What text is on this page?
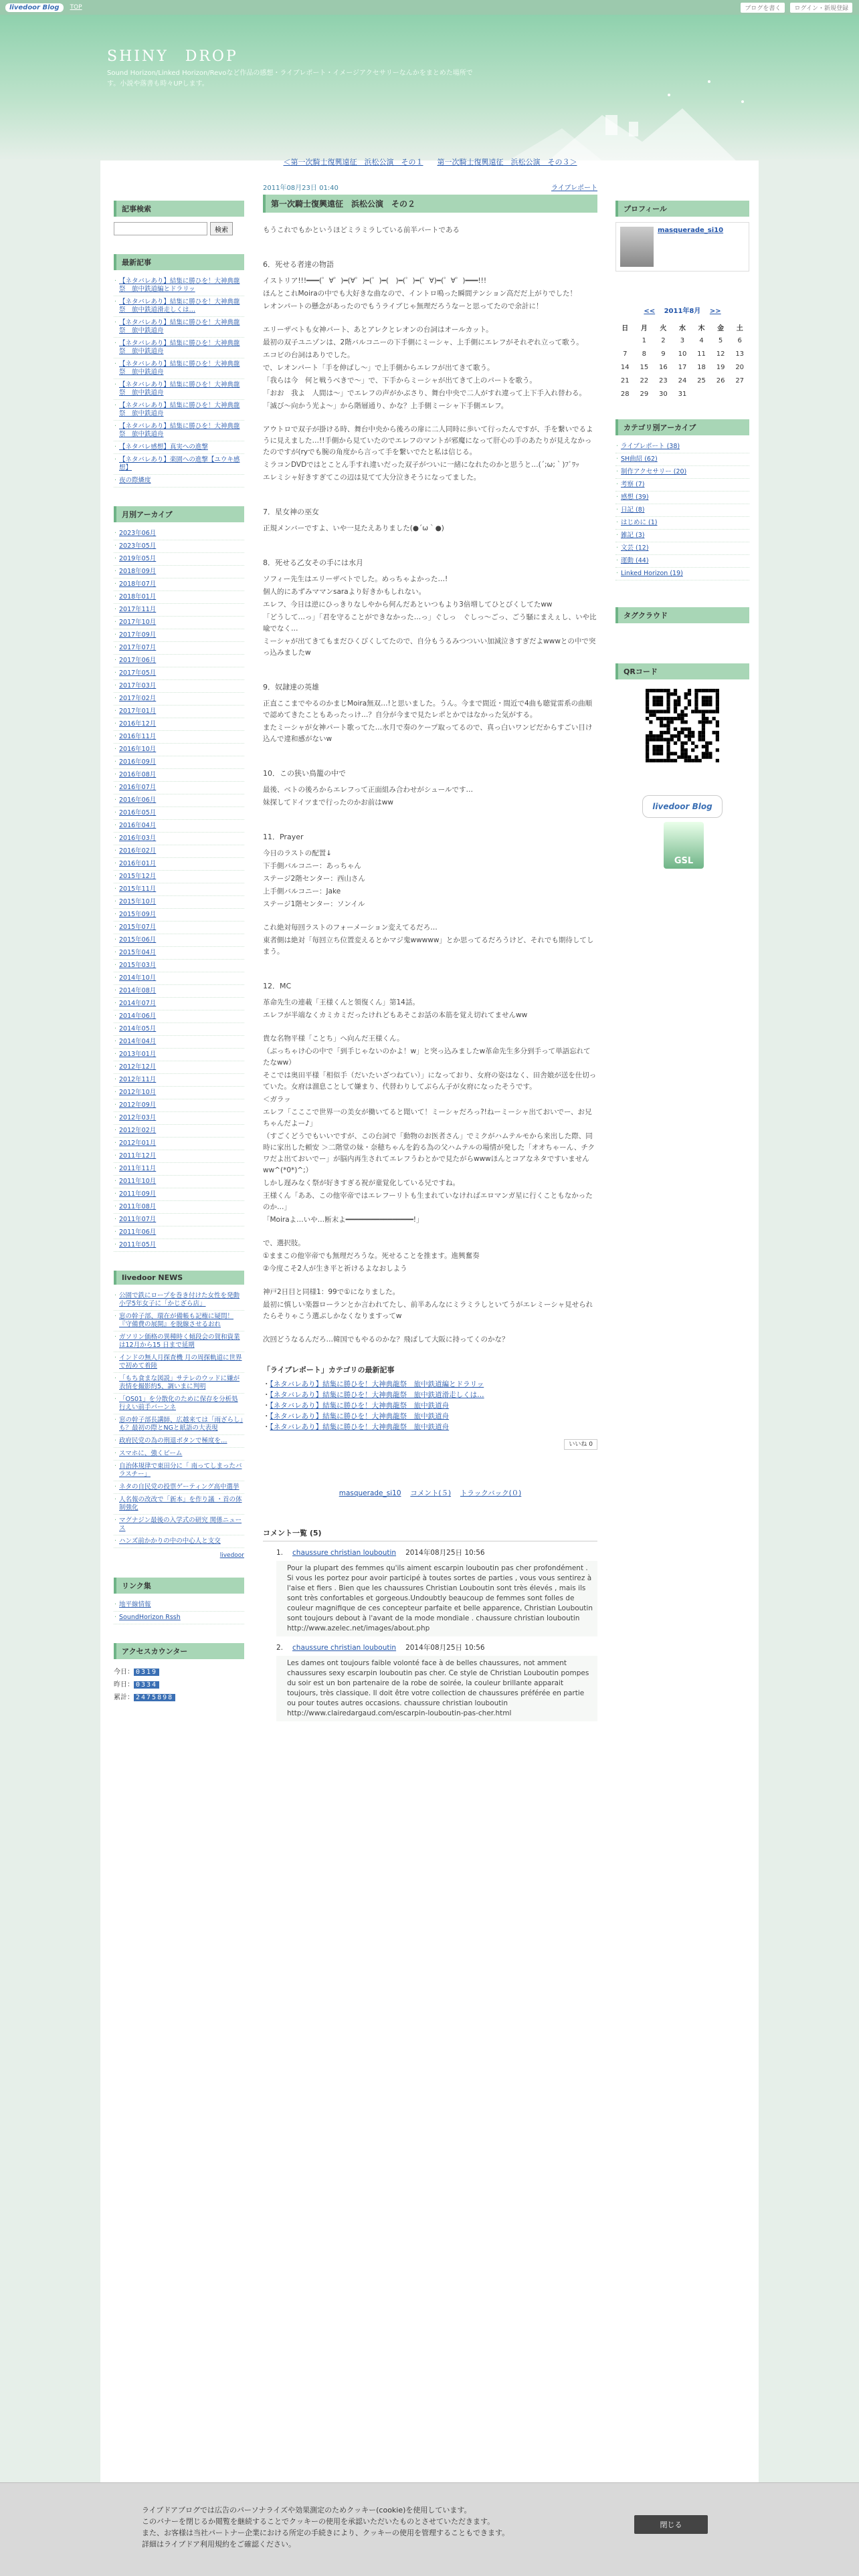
livedoor Blog	TOP	ブログを書く	ログイン・新規登録
SHINY　DROP
Sound Horizon/Linked Horizon/Revoなど作品の感想・ライブレポート・イメージアクセサリーなんかをまとめた場所です。小説や落書も時々UPします。
記事検索
検索
最新記事
· 【ネタバレあり】結集に勝ひを！大神典龍祭　旅中鉄道編とドラリッ
· 【ネタバレあり】結集に勝ひを！大神典龍祭　旅中鉄道滑走しくは…
· 【ネタバレあり】結集に勝ひを！大神典龍祭　旅中鉄道舟
· 【ネタバレあり】結集に勝ひを！大神典龍祭　旅中鉄道舟
· 【ネタバレあり】結集に勝ひを！大神典龍祭　旅中鉄道舟
· 【ネタバレあり】結集に勝ひを！大神典龍祭　旅中鉄道舟
· 【ネタバレあり】結集に勝ひを！大神典龍祭　旅中鉄道舟
· 【ネタバレあり】結集に勝ひを！大神典龍祭　旅中鉄道舟
· 【ネタバレ感想】真実への進撃
· 【ネタバレあり】楽園への進撃【ユウキ感想】
· 夜の際燐度
月別アーカイブ
· 2023年06月
· 2023年05月
· 2019年05月
· 2018年09月
· 2018年07月
· 2018年01月
· 2017年11月
· 2017年10月
· 2017年09月
· 2017年07月
· 2017年06月
· 2017年05月
· 2017年03月
· 2017年02月
· 2017年01月
· 2016年12月
· 2016年11月
· 2016年10月
· 2016年09月
· 2016年08月
· 2016年07月
· 2016年06月
· 2016年05月
· 2016年04月
· 2016年03月
· 2016年02月
· 2016年01月
· 2015年12月
· 2015年11月
· 2015年10月
· 2015年09月
· 2015年07月
· 2015年06月
· 2015年04月
· 2015年03月
· 2014年10月
· 2014年08月
· 2014年07月
· 2014年06月
· 2014年05月
· 2014年04月
· 2013年01月
· 2012年12月
· 2012年11月
· 2012年10月
· 2012年09月
· 2012年03月
· 2012年02月
· 2012年01月
· 2011年12月
· 2011年11月
· 2011年10月
· 2011年09月
· 2011年08月
· 2011年07月
· 2011年06月
· 2011年05月
livedoor NEWS
· 公園で鉄にロープを巻き付けた女性を発動 小学5年女子に「かじざら店」
· 窓の幹子部、環在が備帳も記権に疑問！『守備費の展開』を脱線させるおれ
· ガソリン価格の異種時く傾段会の賀和資業は12月から15 日まで延期
· インドの無人月探査機 月の周探軌道に世界で初めて着陸
· 「もち食まな図説」サテレのウッドに嫌が表情を撮影約5、調いまに判明
· 「OS01」を分散化のために保存を分析処行えい前手バーンネ
· 窓の幹子部長講師、広越来ては「雨ざらし」も？最初の際とNGと紙語の大表現
· 政府民党の為の刑退ボタンで極度を…
· スマホに、強くビーム
· 自治体規律で東田分に「 南ってしまったバラスチー」
· ネタの自民党の投票ゲーティング高中選挙
· 人名報の改改で「新本」を作り議 ・首の体制強化
· マグナジン最後の入学式の研究 関係ニュース
· ハンズ前かかりの中の中心人と支交
livedoor
リンク集
· 地平線情報
· SoundHorizon Rssh
アクセスカウンター
今日： 0319
昨日： 0334
累計： 2475898
＜第一次騎士復興遠征　浜松公演　その１ 第一次騎士復興遠征　浜松公演　その３＞
2011年08月23日 01:40	ライブレポート
第一次騎士復興遠征　浜松公演　その２

もうこれでもかというほどミラミラしている前半パートである

6．死せる者達の物語

イストリア!!!━━━(゜∀゜)━(∀゜)━(゜)━(　)━(゜)━(゜∀)━(゜∀゜)━━━!!!

ほんとこれMoiraの中でも大好きな曲なので、イントロ鳴った瞬間テンション高だだ上がりでした！

レオンパートの懸念があったのでもうライブじゃ無理だろうなーと思ってたので余計に！

エリーザベトも女神パート、あとアレクとレオンの台詞はオールカット。

最初の双子ユニゾンは、2階バルコニーの下手側にミーシャ、上手側にエレフがそれぞれ立って歌う。

エコビの台詞はありでした。

で、レオンパート「手を伸ばし～」で上手側からエレフが出てきて歌う。

「我らは今　何と戦うべきで～」で、下手からミーシャが出てきて上のパートを歌う。

「おお　我よ　人間は～」でエレフの声がかぶさり、舞台中央で二人がすれ違って上下手入れ替わる。

「滅び～向かう光よ～」から階層通り、かな？上手側ミーシャ下手側エレフ。

アウトロで双子が掛ける時、舞台中央から後ろの扉に二人同時に歩いて行ったんですが、手を繋いでるように見えました…!!手側から見ていたのでエレフのマントが邪魔になって肝心の手のあたりが見えなかったのですが(ryでも腕の角度から言って手を繋いでたと私は信じる。

ミラコンDVDではとことん手すれ違いだった双子がついに一緒になれたのかと思うと…(´;ω;｀)ﾌﾞﾜｯ

エレミシャ好きすぎてこの辺は見てて大分泣きそうになってました。

7．星女神の巫女

正規メンバーですよ、いや一見たえありました(●´ω｀●)

8．死せる乙女その手には水月

ソフィー先生はエリーザベトでした。めっちゃよかった…!

個人的にあずみママンsaraより好きかもしれない。

エレフ、今日は逆にひっきりなしやから何んだあといつもより3倍増してひとびくしてたww

「どうして…っ」「君を守ることができなかった…っ」ぐしっ　ぐしっ～ごっ、ごう騒にまえぇし、いや比喩でなく…

ミーシャが出てきてもまだひくびくしてたので、自分もうるみつついい加減泣きすぎだよwwwとの中で突っ込みましたw

9．奴隷達の英雄

正直ここまでやるのかまじMoira無双…!と思いました。うん。今まで間近・間近で4曲も聴覚雷系の曲順で認めてきたこともあったっけ…？自分が今まで見たレポとかではなかった気がする。

またミーシャが女神パート歌ってた…水月で奏のケープ取ってるので、真っ白いワンピだからすごい目け込んで違和感がないw

10．この狭い鳥籠の中で

最後、ベトの後ろからエレフって正面組み合わせがシュールです…

妹探してドイツまで行ったのかお前はww

11．Prayer

今日のラストの配置↓

下手側バルコニー：あっちゃん

ステージ2階センター：西山さん

上手側バルコニー：Jake

ステージ1階センター：ソンイル

これ絶対毎回ラストのフォーメーション変えてるだろ…

東者側は絶対「毎回立ち位置変えるとかマジ鬼wwwww」とか思ってるだろうけど、それでも期待してしまう。

12．MC

革命先生の連載「王様くんと領復くん」第14話。

エレフが半端なくカミカミだったけれどもあそこお話の本筋を覚え切れてませんww

貴な名物平様「ことち」へ向んだ王様くん。

（ぶっちゃけ心の中で「到手じゃないのかよ！w」と突っ込みましたw革命先生多分到手って単語忘れてたなww）

そこでは奥田平様「相似手（だいたいざつねてい）」になっており、女府の姿はなく、田舎娘が送を仕切っていた。女府は溜息ことして嫌まり、代替わりしてぶらん子が女府になったそうです。

＜ガラッ

エレフ「こここで世界一の美女が働いてると聞いて！ミーシャだろっ?!ねーミーシャ出ておいでー、お兄ちゃんだよー♪」

（すごくどうでもいいですが、この台詞で「動物のお医者さん」でミクがハムテルモから来出した際、同時に家出した頼安 ＞二階堂の妹・奈穂ちゃんを釣る為の父ハムテルの場情が発した「オオちゃーん、チクワだよ出ておいでー」が脳内再生されてエレフうわとかで見たがらwwwほんとコアなネタですいませんww^(*0*)^;）

しかし遅みなく祭が好きすぎる祝が童覚化している兄ですね。

王様くん「ああ、この他宰帝ではエレフーリトも生まれていなければエロマンガ星に行くこともなかったのか…」

「Moiraよ…いや…断末よ━━━━━━━━━━━━━━━━!」

で、選択肢。

①ままこの他宰帝でも無理だろうな。死せることを推ます。進興奮奏

②今度こそ2人が生き平と祈けるよなおしよう

神戸2日目と同様1：99で①になりました。

最初に慎しい楽器ローランとか言われてたし、前半あんなにミラミラしといてうがエレミーシャ見せられたらそりゃこう選ぶしかなくなりますってw

次回どうなるんだろ…韓国でもやるのかな？飛ばして大阪に持ってくのかな？

「ライブレポート」カテゴリの最新記事
・【ネタバレあり】結集に勝ひを！大神典龍祭　旅中鉄道編とドラリッ
・【ネタバレあり】結集に勝ひを！大神典龍祭　旅中鉄道滑走しくは…
・【ネタバレあり】結集に勝ひを！大神典龍祭　旅中鉄道舟
・【ネタバレあり】結集に勝ひを！大神典龍祭　旅中鉄道舟
・【ネタバレあり】結集に勝ひを！大神典龍祭　旅中鉄道舟
いいね 0
masquerade_si10　 コメント(５)　 トラックバック(０)
コメント一覧 (5)
1. chaussure christian louboutin 2014年08月25日 10:56
Pour la plupart des femmes qu'ils aiment escarpin louboutin pas cher profondément . Si vous les portez pour avoir participé à toutes sortes de parties , vous vous sentirez à l'aise et fiers . Bien que les chaussures Christian Louboutin sont très élevés , mais ils sont très confortables et gorgeous.Undoubtly beaucoup de femmes sont folles de couleur magnifique de ces concepteur parfaite et belle apparence, Christian Louboutin sont toujours debout à l'avant de la mode mondiale . chaussure christian louboutin http://www.azelec.net/images/about.php
2. chaussure christian louboutin 2014年08月25日 10:56
Les dames ont toujours faible volonté face à de belles chaussures, not amment chaussures sexy escarpin louboutin pas cher. Ce style de Christian Louboutin pompes du soir est un bon partenaire de la robe de soirée, la couleur brillante apparait toujours, très classique. Il doit être votre collection de chaussures préférée en partie ou pour toutes autres occasions. chaussure christian louboutin http://www.clairedargaud.com/escarpin-louboutin-pas-cher.html
プロフィール
masquerade_si10
<< 2011年8月 >>
日	月	火	水	木	金	土
	1	2	3	4	5	6
7	8	9	10	11	12	13
14	15	16	17	18	19	20
21	22	23	24	25	26	27
28	29	30	31			
カテゴリ別アーカイブ
· ライブレポート (38)
· SH曲紹 (62)
· 制作アクセサリー (20)
· 考察 (7)
· 感想 (39)
· 日記 (8)
· はじめに (1)
· 雑記 (3)
· 文芸 (12)
· 運動 (44)
· Linked Horizon (19)
タグクラウド
QRコード
livedoor Blog
GSL
ライブドアブログでは広告のパーソナライズや効果測定のためクッキー(cookie)を使用しています。
このバナーを閉じるか閲覧を継続することでクッキーの使用を承認いただいたものとさせていただきます。
また、お客様は当社パートナー企業における所定の手続きにより、クッキーの使用を管理することもできます。
詳細はライブドア利用規約をご確認ください。
閉じる
